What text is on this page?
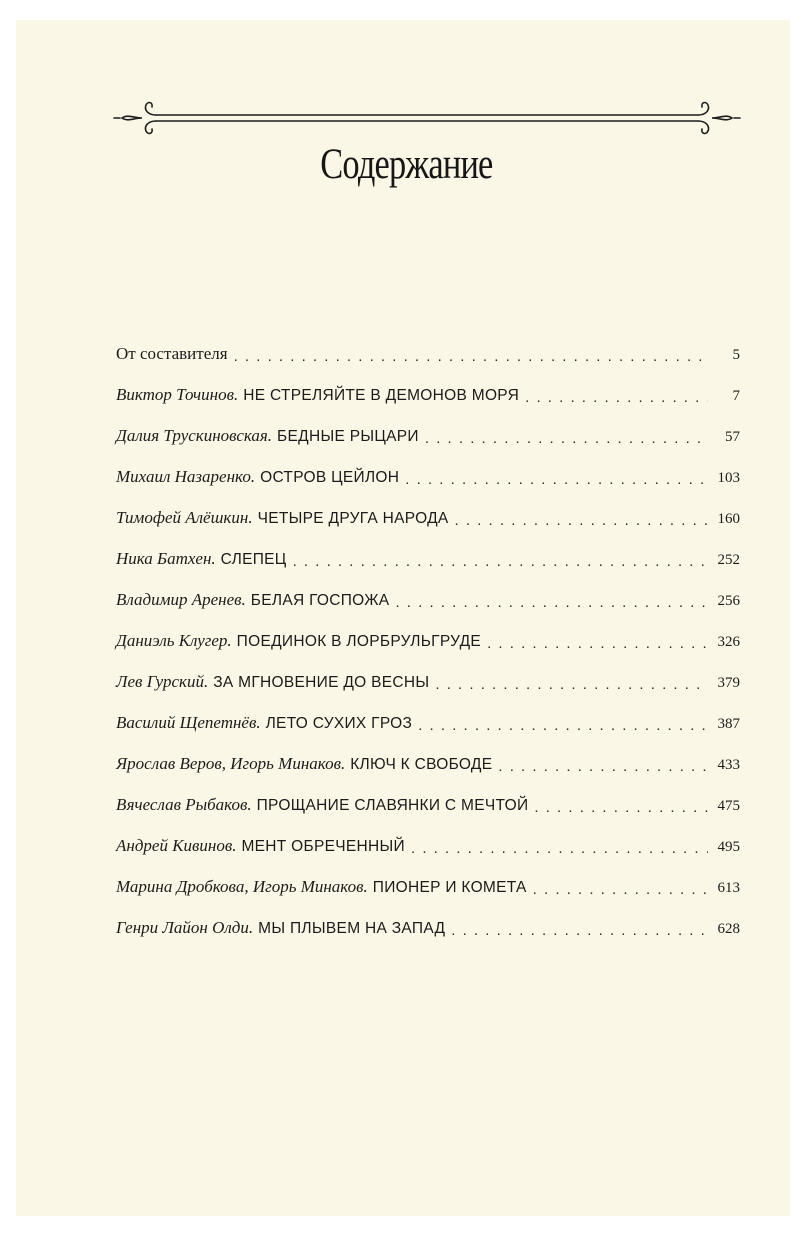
Содержание
От составителя . . .	5
Виктор Точинов. НЕ СТРЕЛЯЙТЕ В ДЕМОНОВ МОРЯ . . .	7
Далия Трускиновская. БЕДНЫЕ РЫЦАРИ . . .	57
Михаил Назаренко. ОСТРОВ ЦЕЙЛОН . . .	103
Тимофей Алёшкин. ЧЕТЫРЕ ДРУГА НАРОДА . . .	160
Ника Батхен. СЛЕПЕЦ . . .	252
Владимир Аренев. БЕЛАЯ ГОСПОЖА . . .	256
Даниэль Клугер. ПОЕДИНОК В ЛОРБРУЛЬГРУДЕ . . .	326
Лев Гурский. ЗА МГНОВЕНИЕ ДО ВЕСНЫ . . .	379
Василий Щепетнёв. ЛЕТО СУХИХ ГРОЗ . . .	387
Ярослав Веров, Игорь Минаков. КЛЮЧ К СВОБОДЕ . . .	433
Вячеслав Рыбаков. ПРОЩАНИЕ СЛАВЯНКИ С МЕЧТОЙ . . .	475
Андрей Кивинов. МЕНТ ОБРЕЧЕННЫЙ . . .	495
Марина Дробкова, Игорь Минаков. ПИОНЕР И КОМЕТА . . .	613
Генри Лайон Олди. МЫ ПЛЫВЕМ НА ЗАПАД . . .	628
